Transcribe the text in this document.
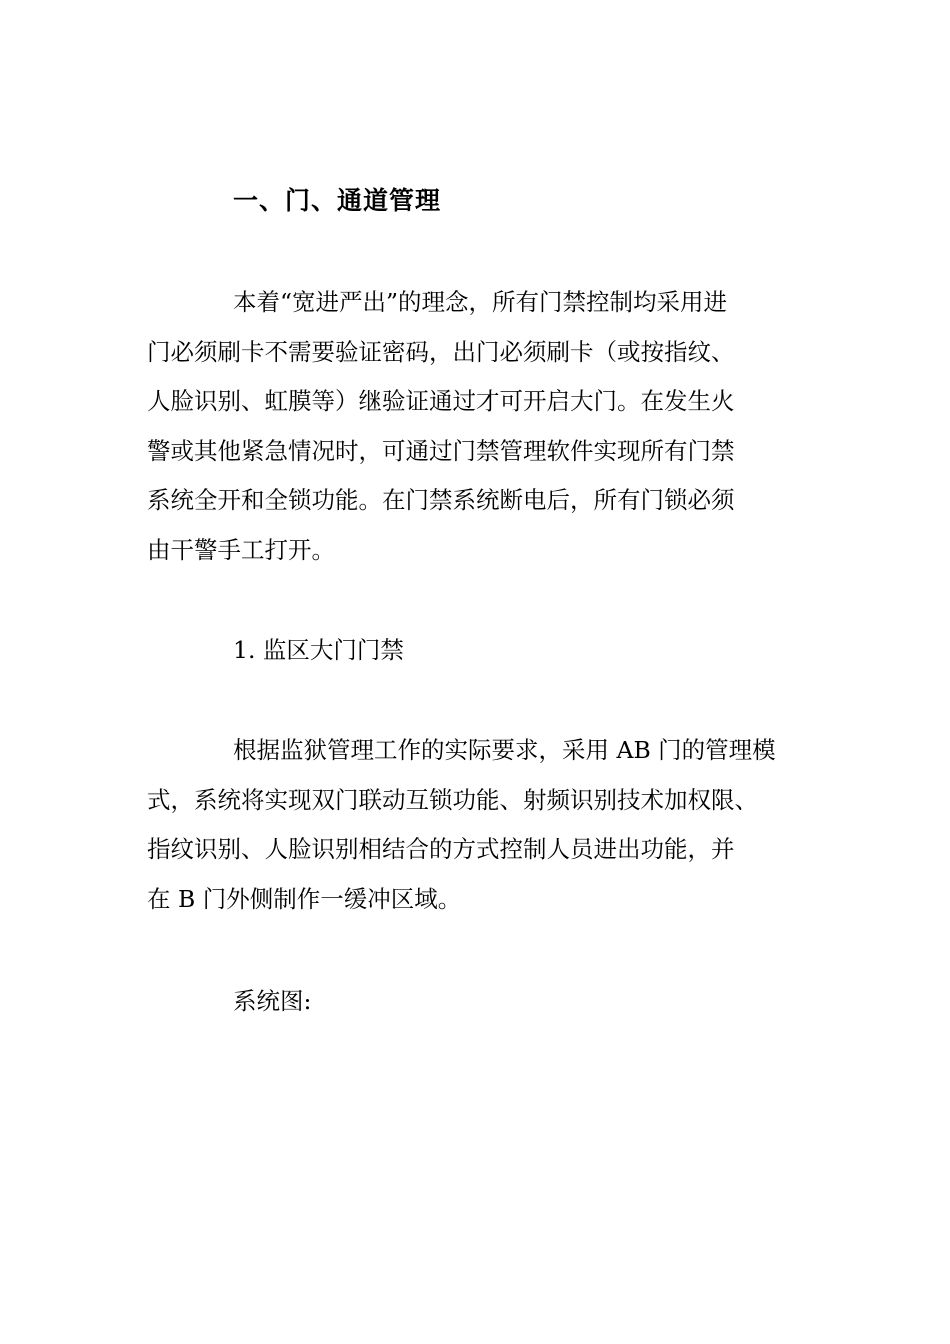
一、门、通道管理

本着“宽进严出”的理念，所有门禁控制均采用进
门必须刷卡不需要验证密码，出门必须刷卡（或按指纹、
人脸识别、虹膜等）继验证通过才可开启大门。在发生火
警或其他紧急情况时，可通过门禁管理软件实现所有门禁
系统全开和全锁功能。在门禁系统断电后，所有门锁必须
由干警手工打开。

1. 监区大门门禁

根据监狱管理工作的实际要求，采用 AB 门的管理模
式，系统将实现双门联动互锁功能、射频识别技术加权限、
指纹识别、人脸识别相结合的方式控制人员进出功能，并
在 B 门外侧制作一缓冲区域。

系统图:
